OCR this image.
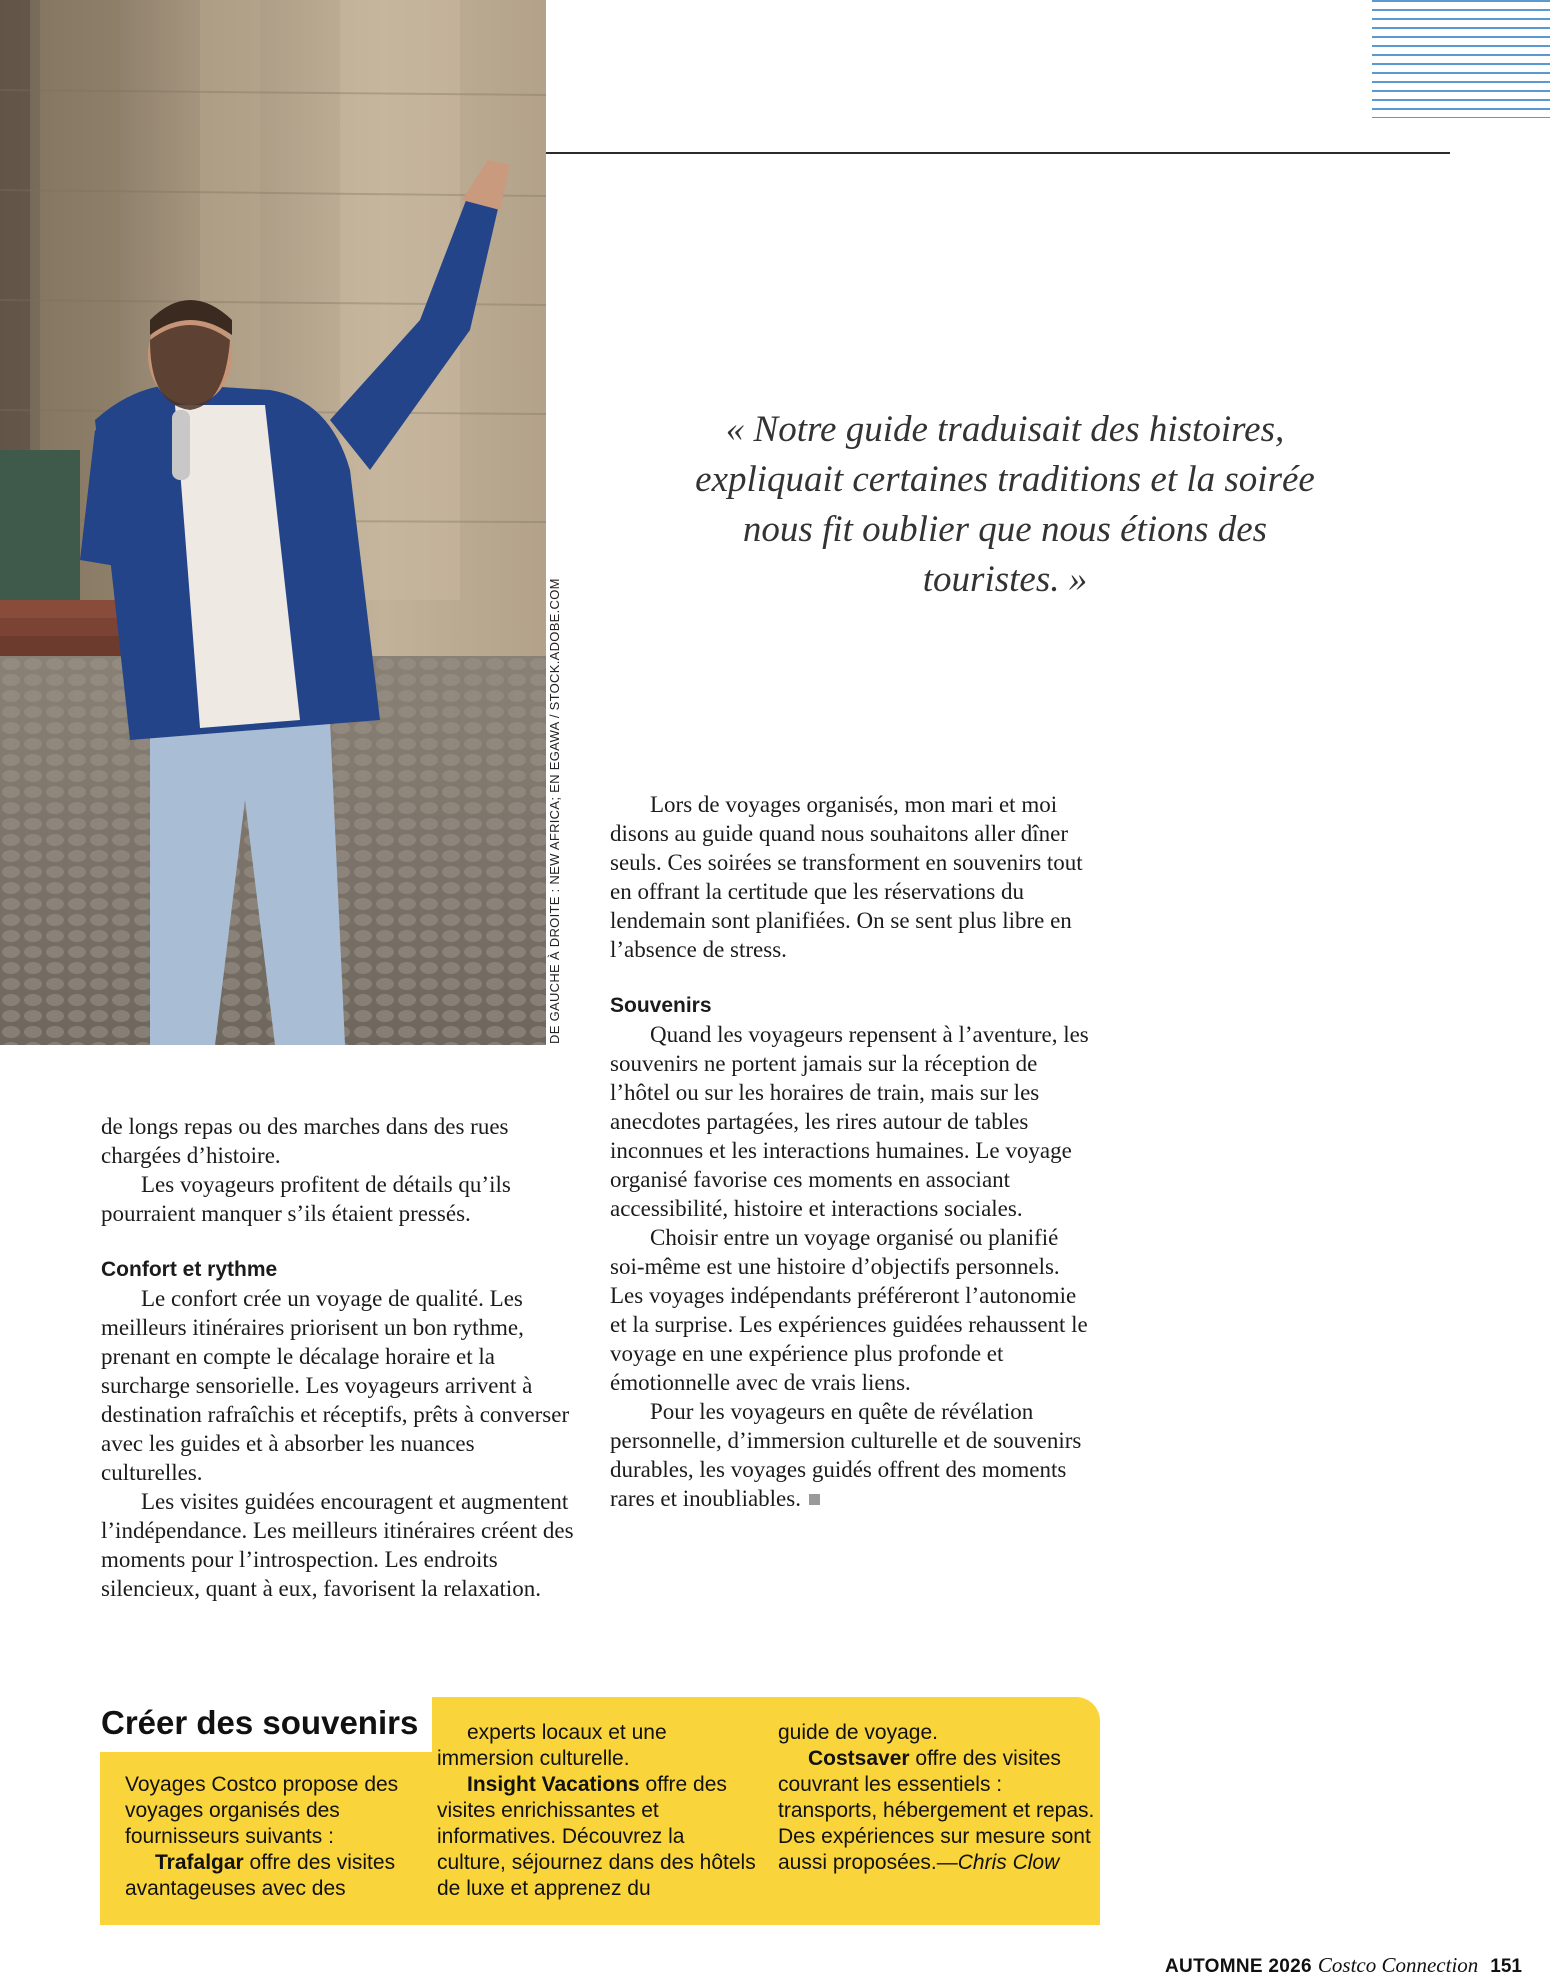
DE GAUCHE À DROITE : NEW AFRICA; EN EGAWA / STOCK.ADOBE.COM
« Notre guide traduisait des histoires, expliquait certaines traditions et la soirée nous fit oublier que nous étions des touristes. »

de longs repas ou des marches dans des rues chargées d’histoire.

Les voyageurs profitent de détails qu’ils pourraient manquer s’ils étaient pressés.

Confort et rythme

Le confort crée un voyage de qualité. Les meilleurs itinéraires priorisent un bon rythme, prenant en compte le décalage horaire et la surcharge sensorielle. Les voyageurs arrivent à destination rafraîchis et réceptifs, prêts à converser avec les guides et à absorber les nuances culturelles.

Les visites guidées encouragent et augmentent l’indépendance. Les meilleurs itinéraires créent des moments pour l’introspection. Les endroits silencieux, quant à eux, favorisent la relaxation.

Lors de voyages organisés, mon mari et moi disons au guide quand nous souhaitons aller dîner seuls. Ces soirées se transforment en souvenirs tout en offrant la certitude que les réservations du lendemain sont planifiées. On se sent plus libre en l’absence de stress.

Souvenirs

Quand les voyageurs repensent à l’aventure, les souvenirs ne portent jamais sur la réception de l’hôtel ou sur les horaires de train, mais sur les anecdotes partagées, les rires autour de tables inconnues et les interactions humaines. Le voyage organisé favorise ces moments en associant accessibilité, histoire et interactions sociales.

Choisir entre un voyage organisé ou planifié soi-même est une histoire d’objectifs personnels. Les voyages indépendants préféreront l’autonomie et la surprise. Les expériences guidées rehaussent le voyage en une expérience plus profonde et émotionnelle avec de vrais liens.

Pour les voyageurs en quête de révélation personnelle, d’immersion culturelle et de souvenirs durables, les voyages guidés offrent des moments rares et inoubliables.

Créer des souvenirs

Voyages Costco propose des voyages organisés des fournisseurs suivants :

Trafalgar offre des visites avantageuses avec des

experts locaux et une immersion culturelle.

Insight Vacations offre des visites enrichissantes et informatives. Découvrez la culture, séjournez dans des hôtels de luxe et apprenez du

guide de voyage.

Costsaver offre des visites couvrant les essentiels : transports, hébergement et repas. Des expériences sur mesure sont aussi proposées.—Chris Clow

AUTOMNE 2026 Costco Connection 151
